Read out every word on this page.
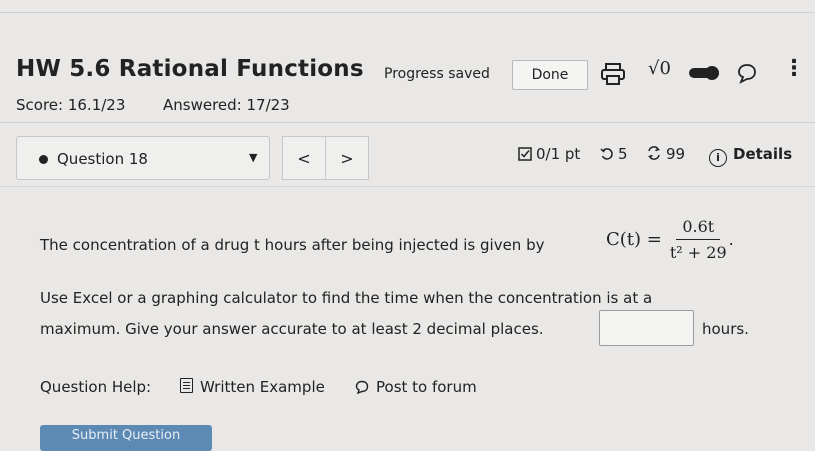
HW 5.6 Rational Functions Progress saved	Done	√0	⋮
Score: 16.1/23	Answered: 17/23
Question 18	▼	<	>	0/1 pt	5	99	i Details
The concentration of a drug t hours after being injected is given by	$C(t) = \frac{0.6t}{\text{t² + 29}}$ .
Use Excel or a graphing calculator to find the time when the concentration is at a
maximum. Give your answer accurate to at least 2 decimal places.	hours.
Question Help:	Written Example	Post to forum
Submit Question
